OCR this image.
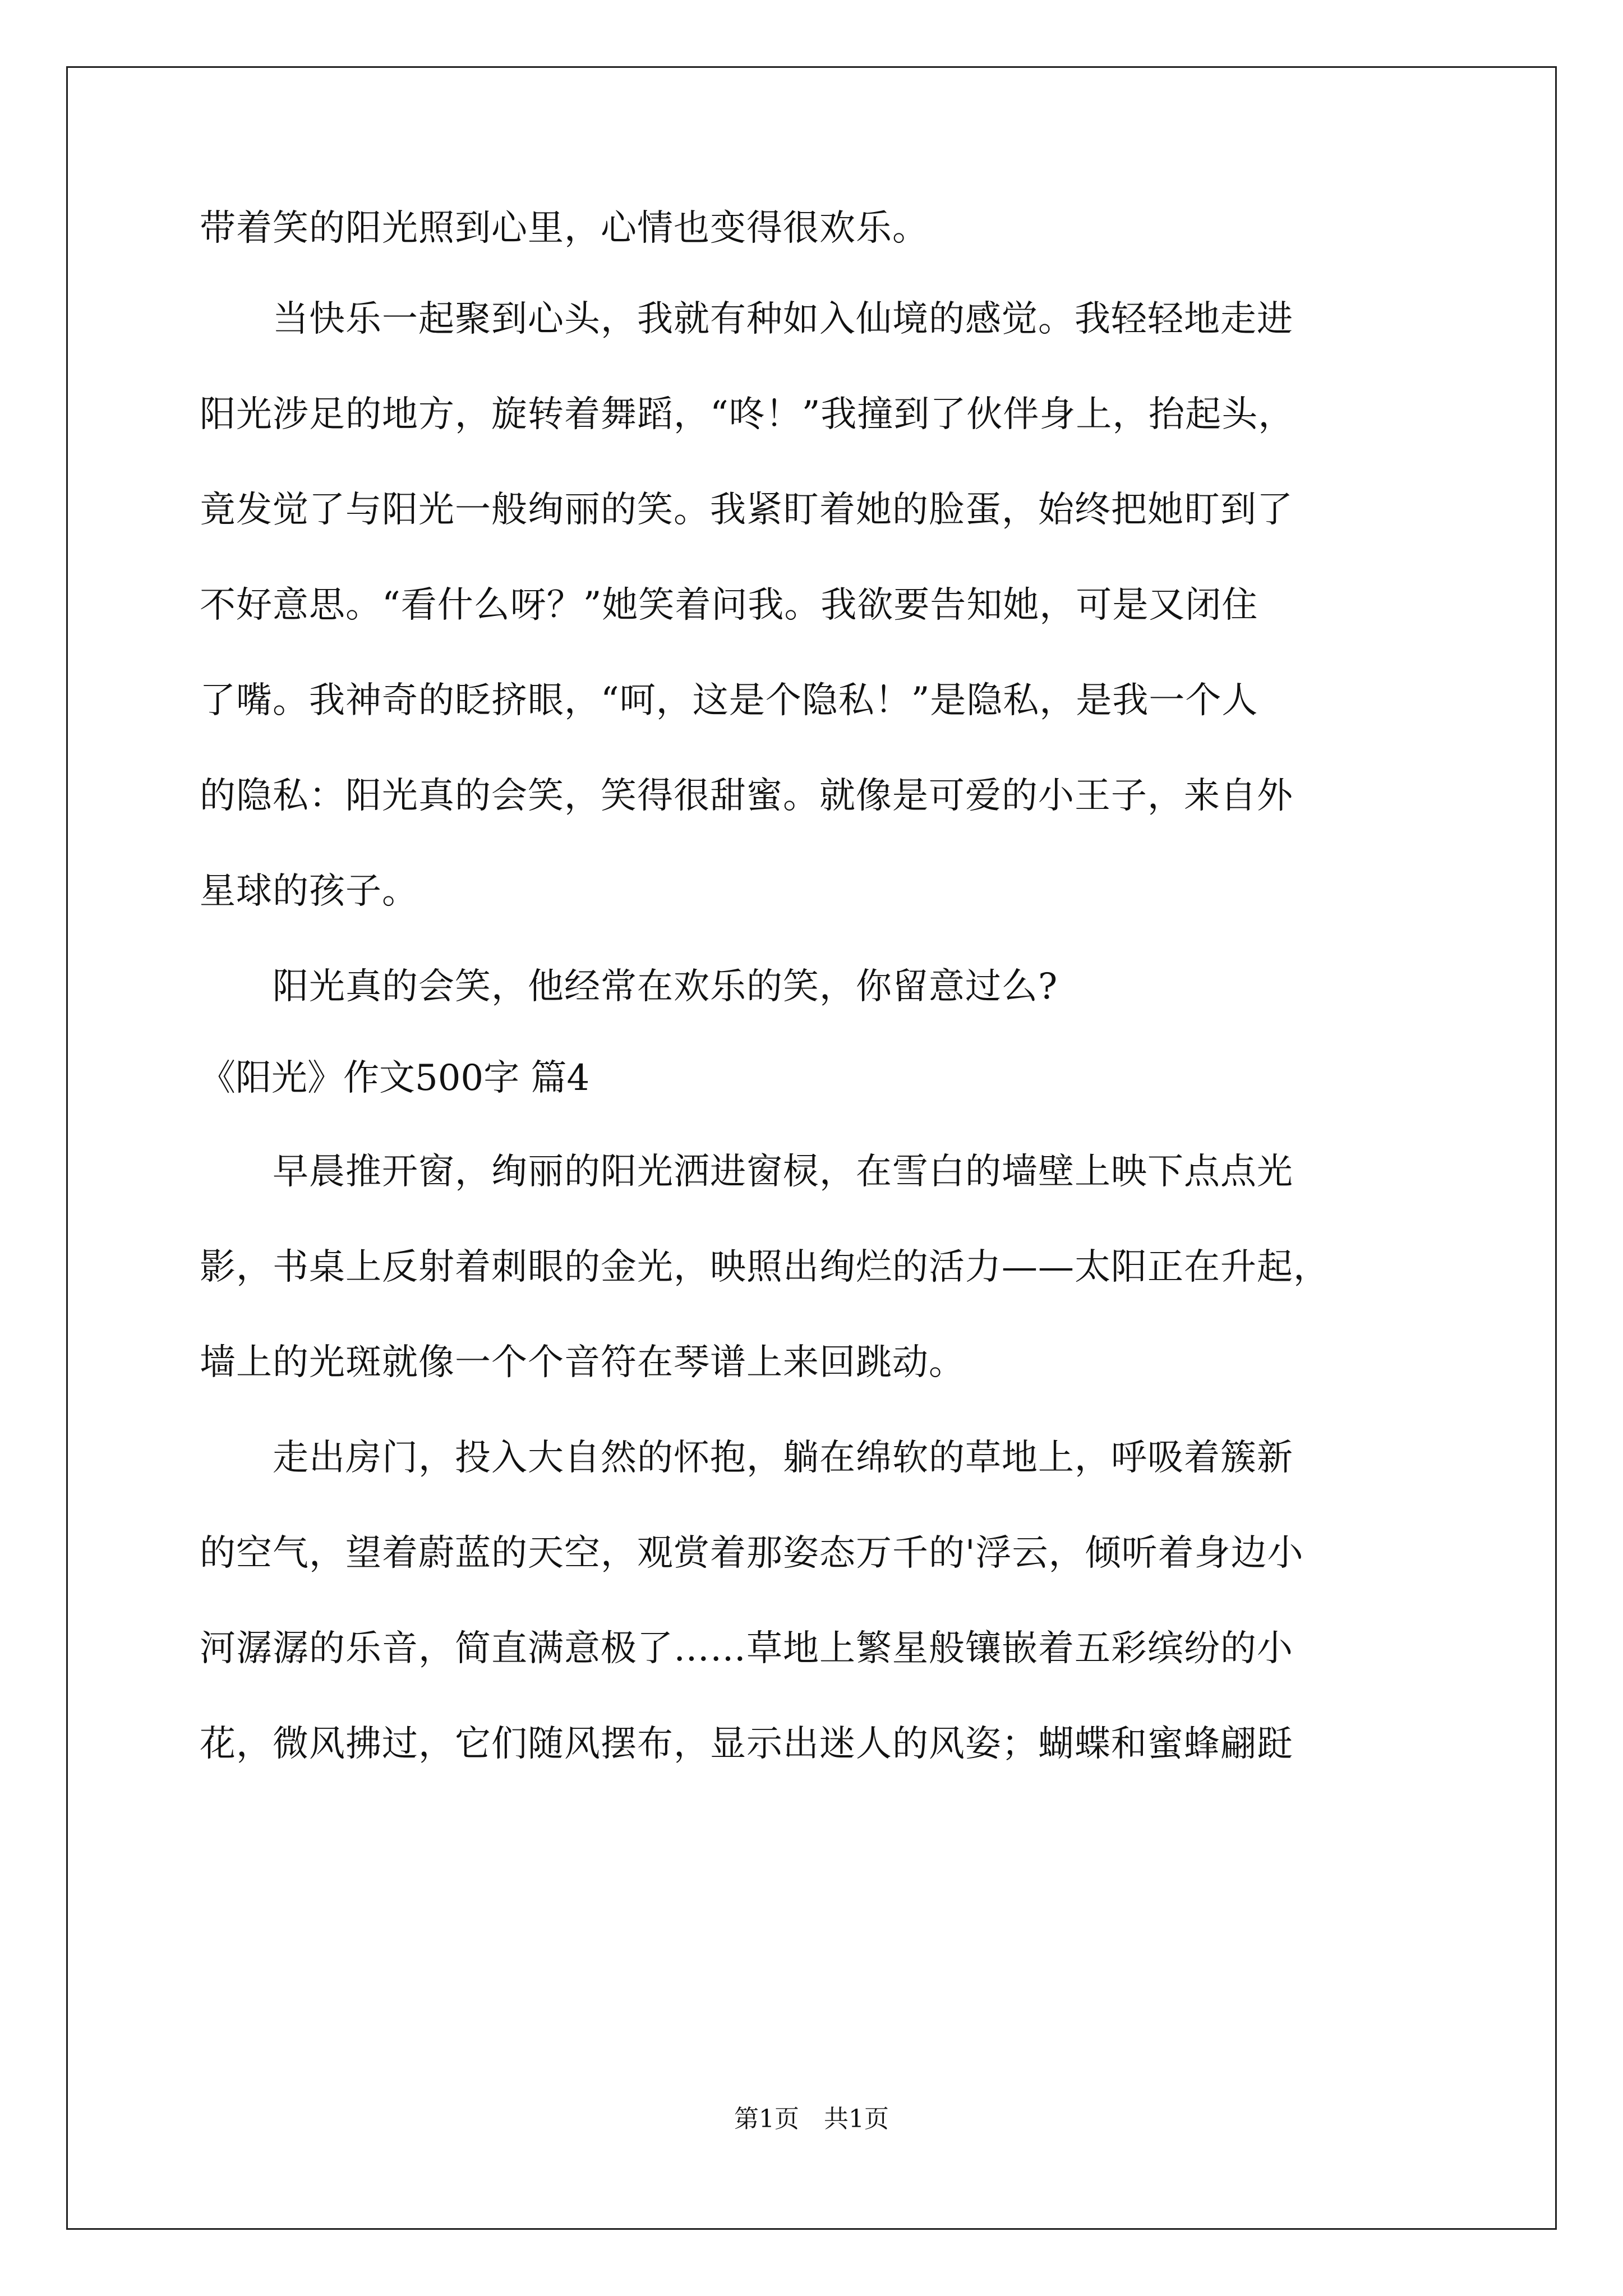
带着笑的阳光照到心里，心情也变得很欢乐。

　　当快乐一起聚到心头，我就有种如入仙境的感觉。我轻轻地走进

阳光涉足的地方，旋转着舞蹈，“咚！”我撞到了伙伴身上，抬起头，

竟发觉了与阳光一般绚丽的笑。我紧盯着她的脸蛋，始终把她盯到了

不好意思。“看什么呀？”她笑着问我。我欲要告知她，可是又闭住

了嘴。我神奇的眨挤眼，“呵，这是个隐私！”是隐私，是我一个人

的隐私：阳光真的会笑，笑得很甜蜜。就像是可爱的小王子，来自外

星球的孩子。

　　阳光真的会笑，他经常在欢乐的笑，你留意过么?

《阳光》作文500字 篇4

　　早晨推开窗，绚丽的阳光洒进窗棂，在雪白的墙壁上映下点点光

影，书桌上反射着刺眼的金光，映照出绚烂的活力——太阳正在升起，

墙上的光斑就像一个个音符在琴谱上来回跳动。

　　走出房门，投入大自然的怀抱，躺在绵软的草地上，呼吸着簇新

的空气，望着蔚蓝的天空，观赏着那姿态万千的'浮云，倾听着身边小

河潺潺的乐音，简直满意极了……草地上繁星般镶嵌着五彩缤纷的小

花，微风拂过，它们随风摆布，显示出迷人的风姿；蝴蝶和蜜蜂翩跹

第1页　共1页
